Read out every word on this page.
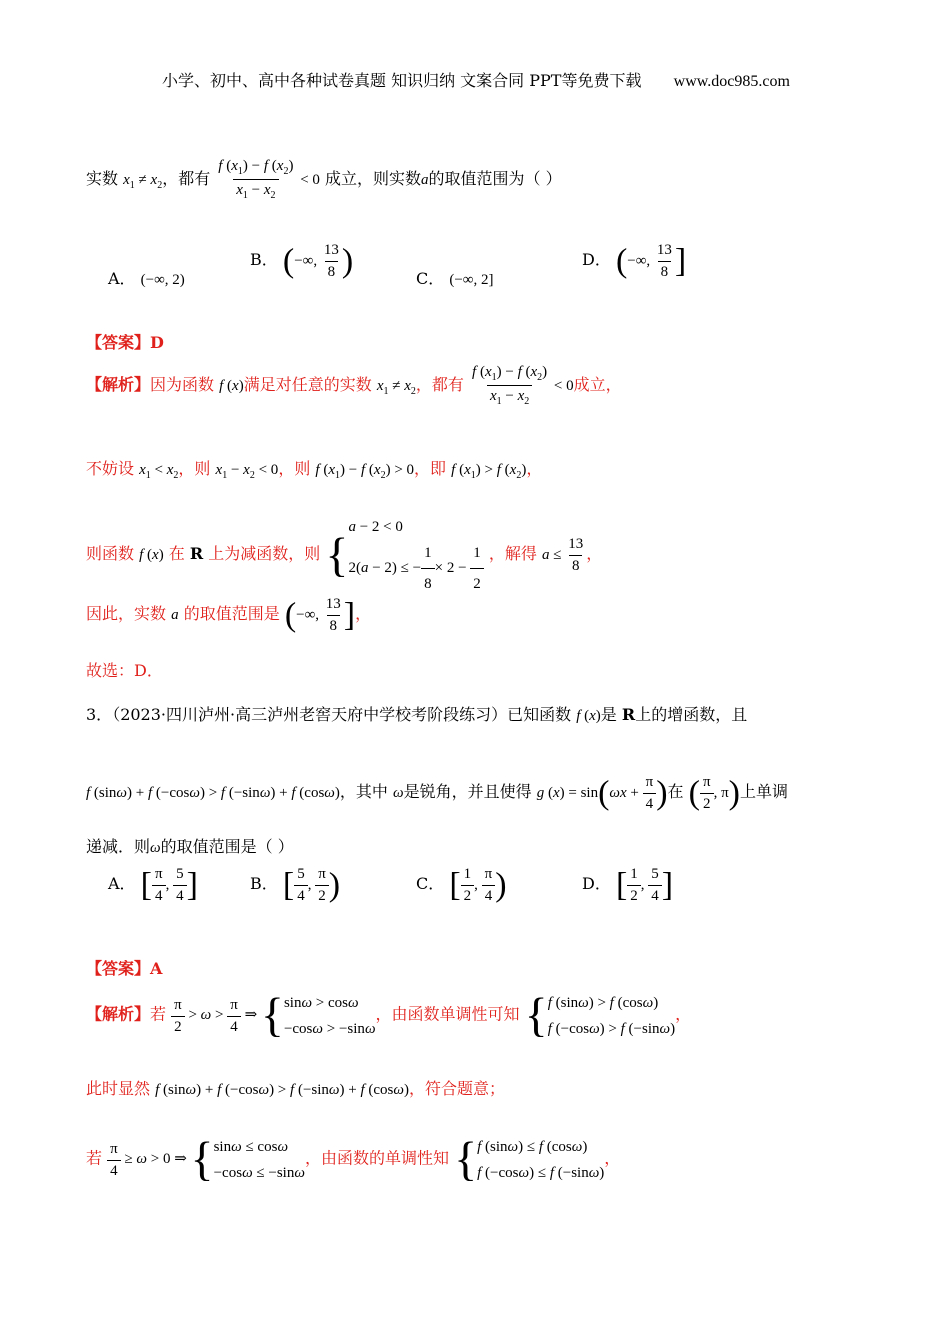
小学、初中、高中各种试卷真题 知识归纳 文案合同 PPT等免费下载 www.doc985.com
实数 $x_1 \ne x_2$，都有 $\frac{f (x_1) - f (x_2)}{x_1 - x_2} < 0$ 成立，则实数a的取值范围为（ ）
A． (−∞, 2)
B． (−∞, $\frac{13}{8}$ )	C． (−∞, 2]
D． (−∞, $\frac{13}{8}$ ]
【答案】D
【解析】因为函数 f (x)满足对任意的实数 $x_1 \ne x_2$，都有 $\frac{f (x_1) - f (x_2)}{x_1 - x_2} < 0$成立，
不妨设 $x_1 < x_2$，则 $x_1 - x_2 < 0$，则 f $(x_1) - f$ $(x_2) > 0$，即 f $(x_1) > f$ $(x_2)$，
则函数 f (x) 在 R 上为减函数，则 {
a − 2 < 0
2(a − 2) ≤ − $\frac{1}{8} \times 2 - \frac{1}{2}$ ，解得 $a \le \frac{13}{8}$ ，
因此，实数 a 的取值范围是 (−∞, $\frac{13}{8}$ ]，
故选：D．
3．（2023·四川泸州·高三泸州老窖天府中学校考阶段练习）已知函数 f (x)是 R上的增函数，且
f (sinω) + f (−cosω) > f (−sinω) + f (cosω)，其中 ω是锐角，并且使得 g $(x) = \sin(\omega x + \frac{\pi}{4}$ )在 ( $\frac{\pi}{2}$ , π)上单调
递减．则ω的取值范围是（ ）
A． [ $\frac{\pi}{4}$ , $\frac{5}{4}$ ]	B． [ $\frac{5}{4}$ , $\frac{\pi}{2}$ )	C． [ $\frac{1}{2}$ , $\frac{\pi}{4}$ )	D． [ $\frac{1}{2}$ , $\frac{5}{4}$ ]
【答案】A
【解析】若 $\frac{\pi}{2} > \omega > \frac{\pi}{4}$ ⇒ { sinω > cosω
−cosω > −sinω
，由函数单调性可知 { f (sinω) > f (cosω)
f (−cosω) > f (−sinω)
，
此时显然 f (sinω) + f (−cosω) > f (−sinω) + f (cosω)，符合题意；
若 $\frac{\pi}{4} \ge \omega > 0$ ⇒ { sinω ≤ cosω
−cosω ≤ −sinω
，由函数的单调性知 { f (sinω) ≤ f (cosω)
f (−cosω) ≤ f (−sinω)
，
